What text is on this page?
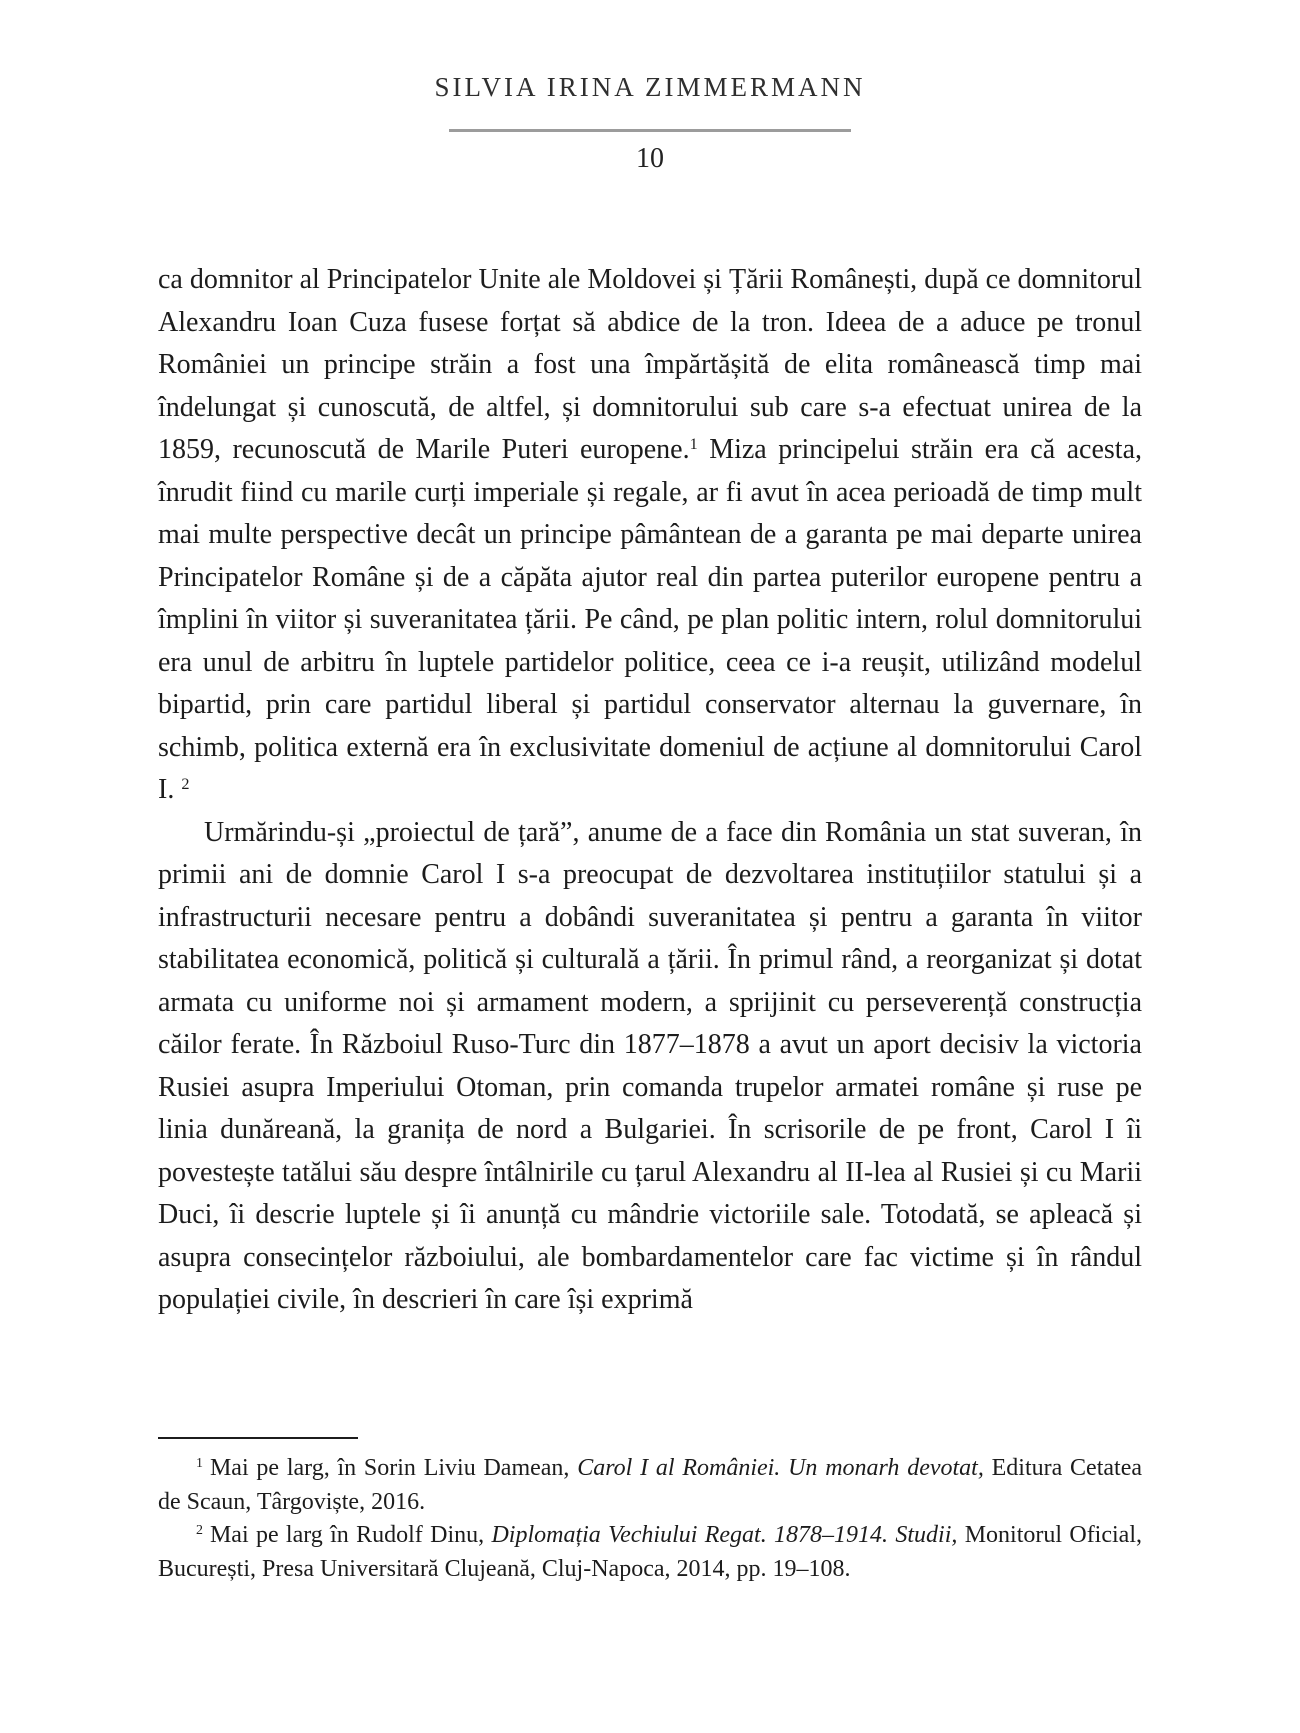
SILVIA IRINA ZIMMERMANN
10

ca domnitor al Principatelor Unite ale Moldovei și Țării Românești, după ce domnitorul Alexandru Ioan Cuza fusese forțat să abdice de la tron. Ideea de a aduce pe tronul României un principe străin a fost una împărtășită de elita românească timp mai îndelungat și cunoscută, de altfel, și domnitorului sub care s-a efectuat unirea de la 1859, recunoscută de Marile Puteri europene.$^1$ Miza principelui străin era că acesta, înrudit fiind cu marile curți imperiale și regale, ar fi avut în acea perioadă de timp mult mai multe perspective decât un principe pâmântean de a garanta pe mai departe unirea Principatelor Române și de a căpăta ajutor real din partea puterilor europene pentru a împlini în viitor și suveranitatea țării. Pe când, pe plan politic intern, rolul domnitorului era unul de arbitru în luptele partidelor politice, ceea ce i-a reușit, utilizând modelul bipartid, prin care partidul liberal și partidul conservator alternau la guvernare, în schimb, politica externă era în exclusivitate domeniul de acțiune al domnitorului Carol I. $^2$

Urmărindu-și „proiectul de țară”, anume de a face din România un stat suveran, în primii ani de domnie Carol I s-a preocupat de dezvoltarea instituțiilor statului și a infrastructurii necesare pentru a dobândi suveranitatea și pentru a garanta în viitor stabilitatea economică, politică și culturală a țării. În primul rând, a reorganizat și dotat armata cu uniforme noi și armament modern, a sprijinit cu perseverență construcția căilor ferate. În Războiul Ruso-Turc din 1877–1878 a avut un aport decisiv la victoria Rusiei asupra Imperiului Otoman, prin comanda trupelor armatei române și ruse pe linia dunăreană, la granița de nord a Bulgariei. În scrisorile de pe front, Carol I îi povestește tatălui său despre întâlnirile cu țarul Alexandru al II-lea al Rusiei și cu Marii Duci, îi descrie luptele și îi anunță cu mândrie victoriile sale. Totodată, se apleacă și asupra consecințelor războiului, ale bombardamentelor care fac victime și în rândul populației civile, în descrieri în care își exprimă

$^1$ Mai pe larg, în Sorin Liviu Damean, Carol I al României. Un monarh devotat, Editura Cetatea de Scaun, Târgoviște, 2016.

$^2$ Mai pe larg în Rudolf Dinu, Diplomația Vechiului Regat. 1878–1914. Studii, Monitorul Oficial, București, Presa Universitară Clujeană, Cluj-Napoca, 2014, pp. 19–108.
